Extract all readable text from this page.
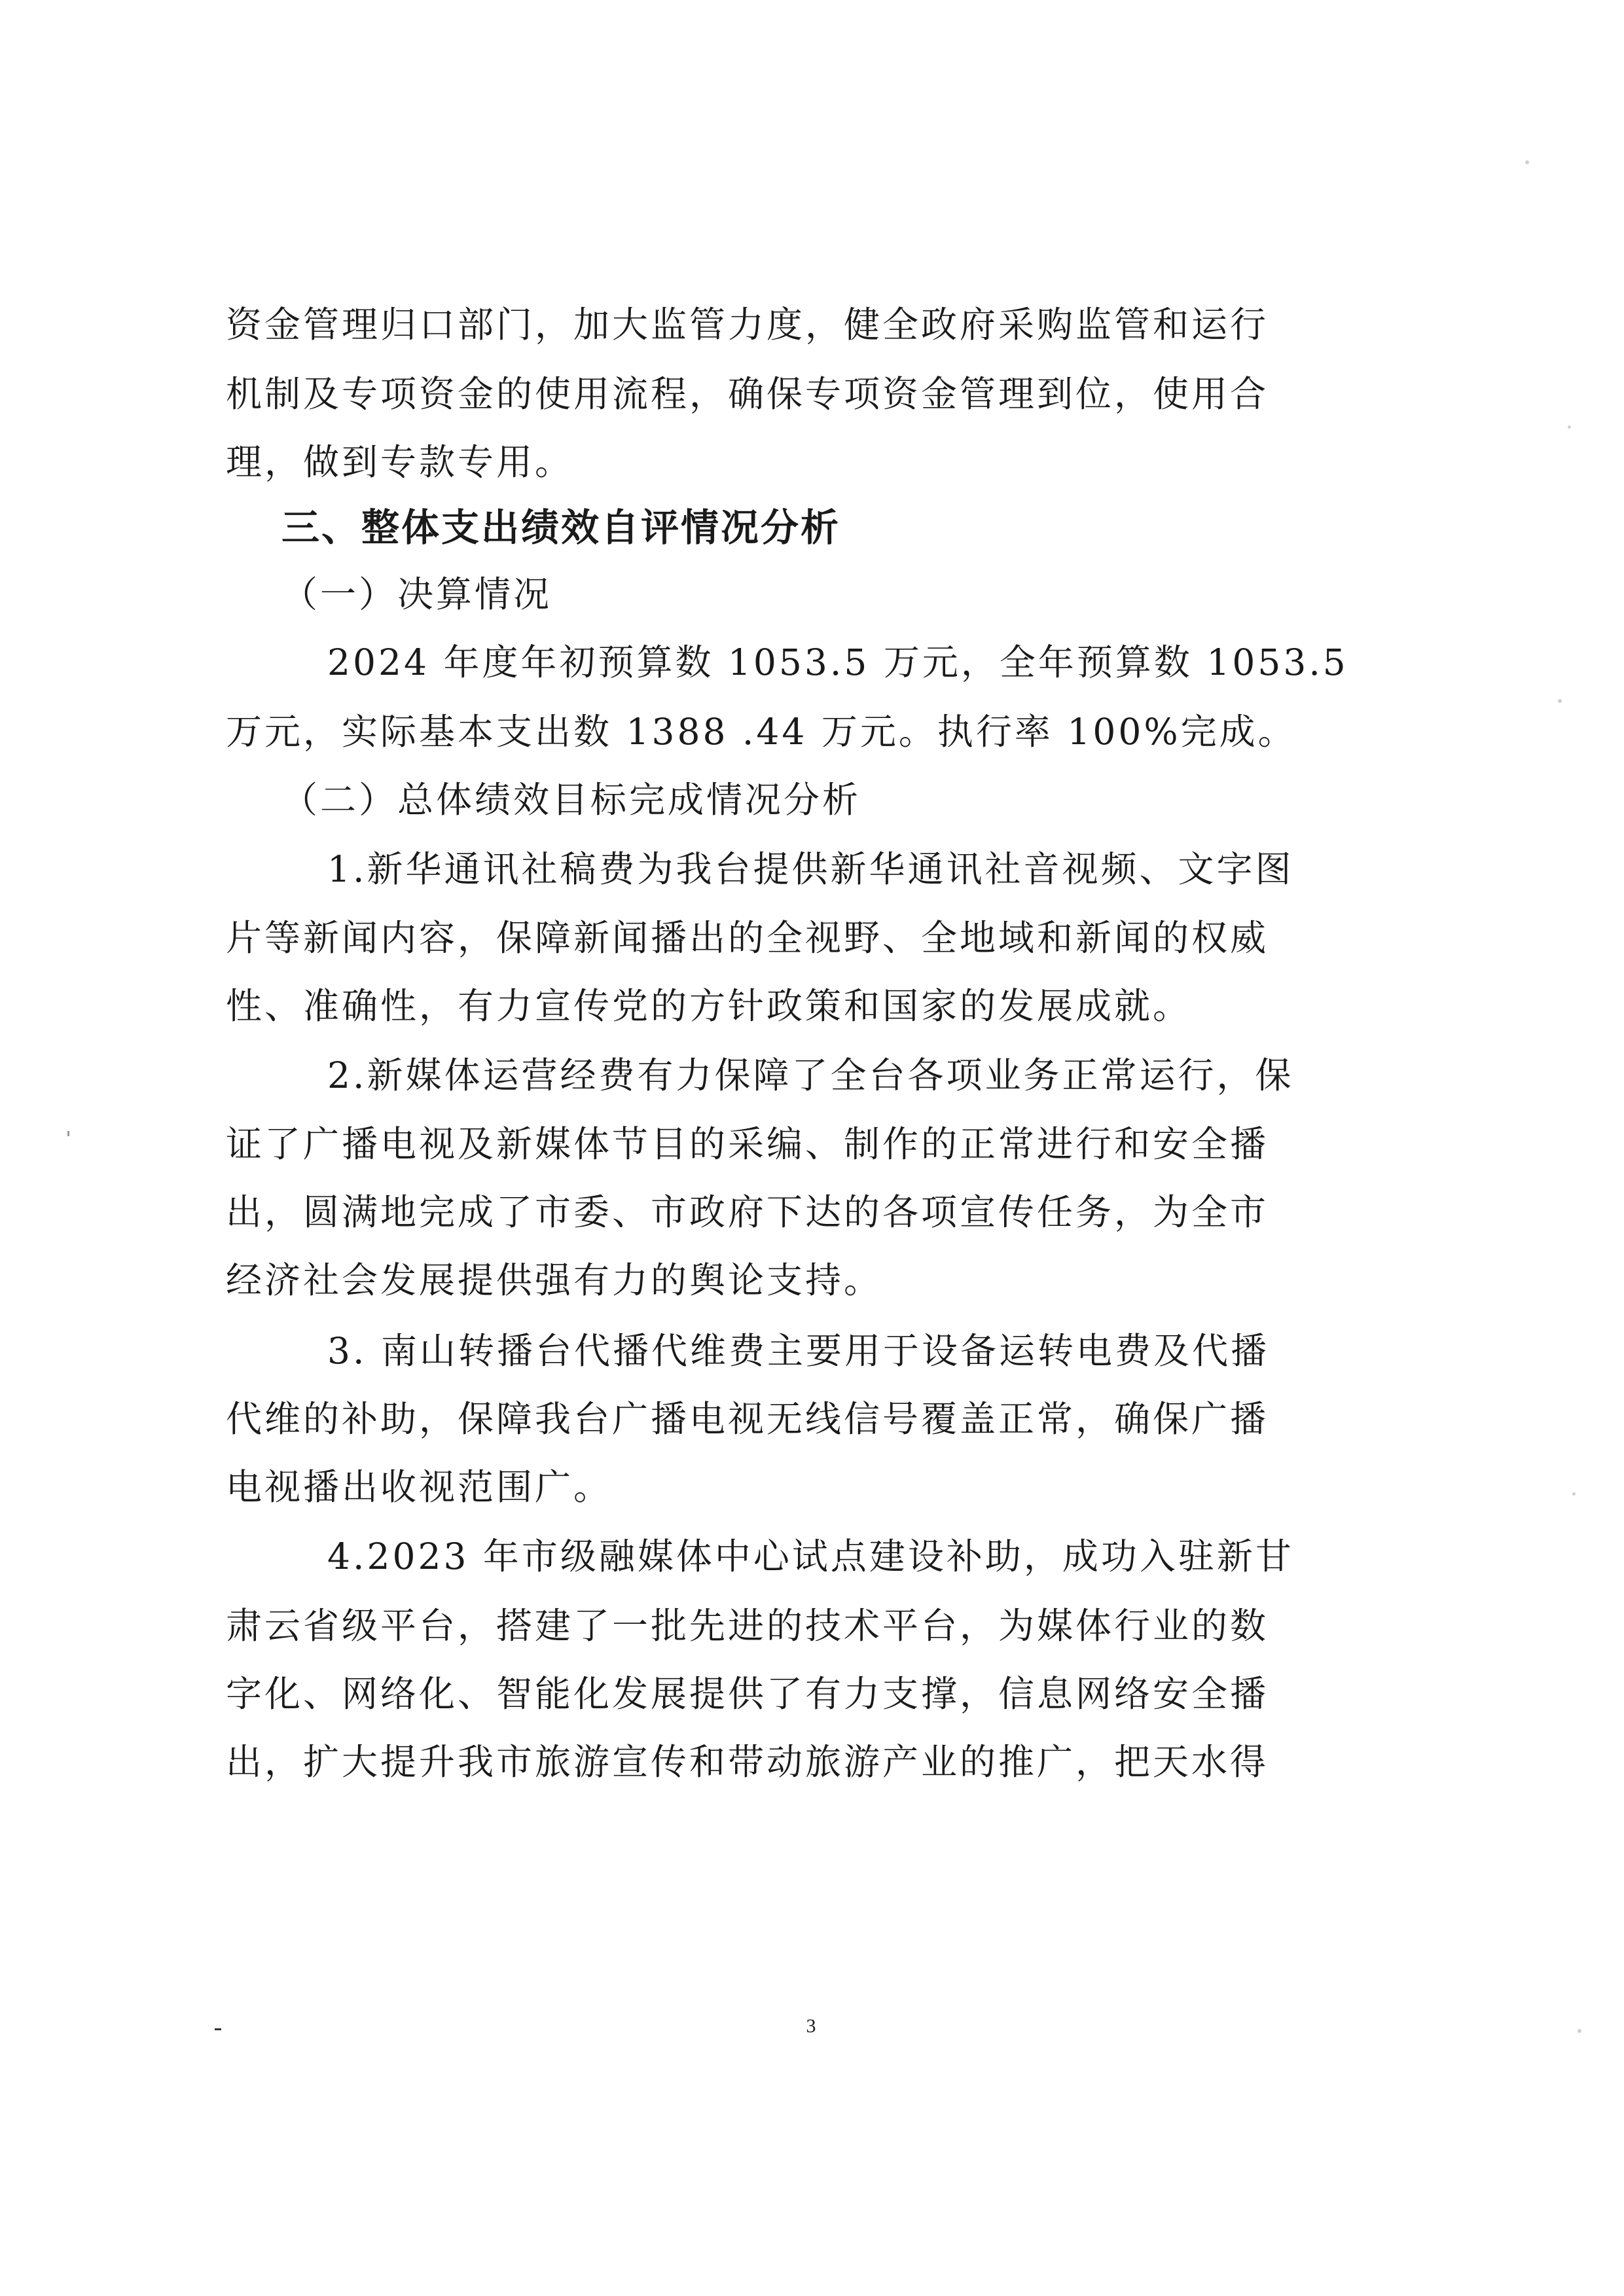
资金管理归口部门，加大监管力度，健全政府采购监管和运行
机制及专项资金的使用流程，确保专项资金管理到位，使用合
理，做到专款专用。
三、整体支出绩效自评情况分析
（一）决算情况
2024 年度年初预算数 1053.5 万元，全年预算数 1053.5
万元，实际基本支出数 1388 .44 万元。执行率 100%完成。
（二）总体绩效目标完成情况分析
1.新华通讯社稿费为我台提供新华通讯社音视频、文字图
片等新闻内容，保障新闻播出的全视野、全地域和新闻的权威
性、准确性，有力宣传党的方针政策和国家的发展成就。
2.新媒体运营经费有力保障了全台各项业务正常运行，保
证了广播电视及新媒体节目的采编、制作的正常进行和安全播
出，圆满地完成了市委、市政府下达的各项宣传任务，为全市
经济社会发展提供强有力的舆论支持。
3. 南山转播台代播代维费主要用于设备运转电费及代播
代维的补助，保障我台广播电视无线信号覆盖正常，确保广播
电视播出收视范围广。
4.2023 年市级融媒体中心试点建设补助，成功入驻新甘
肃云省级平台，搭建了一批先进的技术平台，为媒体行业的数
字化、网络化、智能化发展提供了有力支撑，信息网络安全播
出，扩大提升我市旅游宣传和带动旅游产业的推广，把天水得
3
